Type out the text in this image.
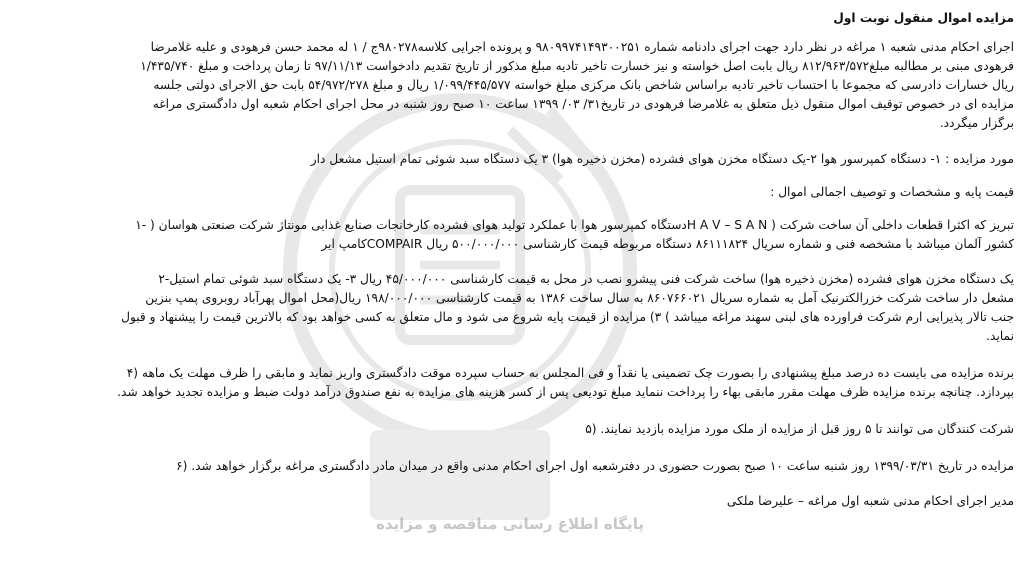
پایگاه اطلاع رسانی مناقصه و مزایده
مزایده اموال منقول نوبت اول
اجرای احکام مدنی شعبه ۱ مراغه در نظر دارد جهت اجرای دادنامه شماره ۹۸۰۹۹۷۴۱۴۹۳۰۰۲۵۱ و پرونده اجرایی کلاسه۹۸۰۲۷۸ج / ۱ له محمد حسن فرهودی و علیه غلامرضا
فرهودی مبنی بر مطالبه مبلغ۸۱۲/۹۶۳/۵۷۲ ریال بابت اصل خواسته و نیز خسارت تاخیر تادیه مبلغ مذکور از تاریخ تقدیم دادخواست ۹۷/۱۱/۱۳ تا زمان پرداخت و مبلغ ۱/۴۳۵/۷۴۰
ریال خسارات دادرسی که مجموعا با احتساب تاخیر تادیه براساس شاخص بانک مرکزی مبلغ خواسته ۱/۰۹۹/۴۴۵/۵۷۷ ریال و مبلغ ۵۴/۹۷۲/۲۷۸ بابت حق الاجرای دولتی جلسه
مزایده ای در خصوص توقیف اموال منقول ذیل متعلق به غلامرضا فرهودی در تاریخ۳۱/ ۰۳/ ۱۳۹۹ ساعت ۱۰ صبح روز شنبه در محل اجرای احکام شعبه اول دادگستری مراغه
برگزار میگردد.
مورد مزایده : ۱- دستگاه کمپرسور هوا ۲-یک دستگاه مخزن هوای فشرده (مخزن ذخیره هوا) ۳ یک دستگاه سبد شوئی تمام استیل مشعل دار
قیمت پایه و مشخصات و توصیف اجمالی اموال :
تبریز که اکثرا قطعات داخلی آن ساخت شرکت ( H A V – S A Nدستگاه کمپرسور هوا با عملکرد تولید هوای فشرده کارخانجات صنایع غذایی مونتاژ شرکت صنعتی هواسان ( -۱
کشور آلمان میباشد با مشخصه فنی و شماره سریال ۸۶۱۱۱۸۲۴ دستگاه مربوطه قیمت کارشناسی ۵۰۰/۰۰۰/۰۰۰ ریال COMPAIRکامپ ایر
یک دستگاه مخزن هوای فشرده (مخزن ذخیره هوا) ساخت شرکت فنی پیشرو نصب در محل به قیمت کارشناسی ۴۵/۰۰۰/۰۰۰ ریال ۳- یک دستگاه سبد شوئی تمام استیل-۲
مشعل دار ساخت شرکت خزرالکترنیک آمل به شماره سریال ۸۶۰۷۶۶۰۲۱ به سال ساخت ۱۳۸۶ به قیمت کارشناسی ۱۹۸/۰۰۰/۰۰۰ ریال(محل اموال پهرآباد روبروی پمپ بنزین
جنب تالار پذیرایی ارم شرکت فراورده های لبنی سهند مراغه میباشد ) ۳) مزایده از قیمت پایه شروع می شود و مال متعلق به کسی خواهد بود که بالاترین قیمت را پیشنهاد و قبول
نماید.
برنده مزایده می بایست ده درصد مبلغ پیشنهادی را بصورت چک تضمینی یا نقداً و فی المجلس به حساب سپرده موقت دادگستری واریز نماید و مابقی را ظرف مهلت یک ماهه (۴
بپردازد. چنانچه برنده مزایده ظرف مهلت مقرر مابقی بهاء را پرداخت ننماید مبلغ تودیعی پس از کسر هزینه های مزایده به نفع صندوق درآمد دولت ضبط و مزایده تجدید خواهد شد.
شرکت کنندگان می توانند تا ۵ روز قبل از مزایده از ملک مورد مزایده بازدید نمایند. (۵
مزایده در تاریخ ۱۳۹۹/۰۳/۳۱ روز شنبه ساعت ۱۰ صبح بصورت حضوری در دفترشعبه اول اجرای احکام مدنی واقع در میدان مادر دادگستری مراغه برگزار خواهد شد. (۶
مدیر اجرای احکام مدنی شعبه اول مراغه – علیرضا ملکی
